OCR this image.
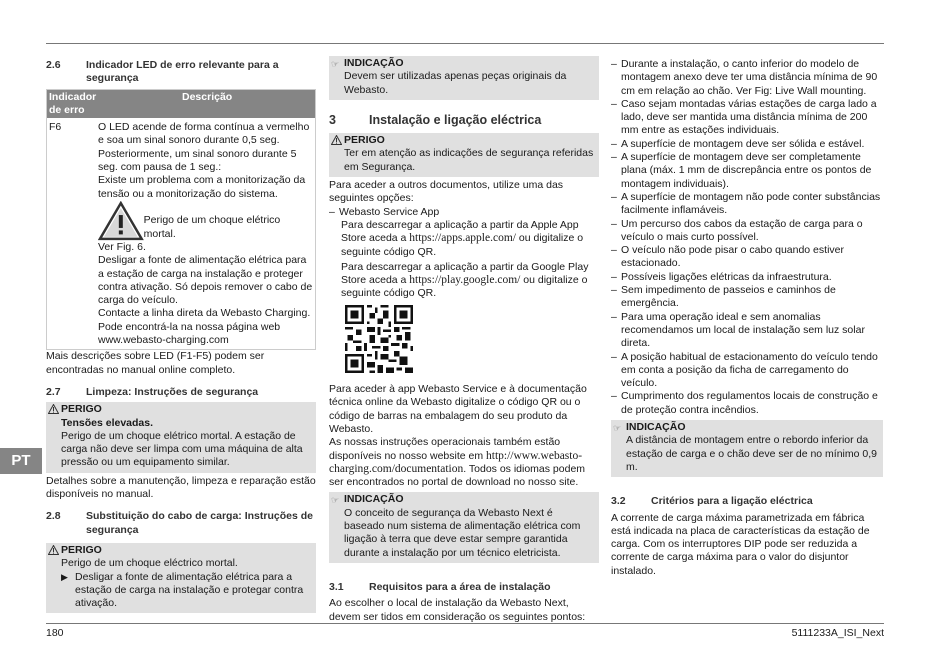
2.6	Indicador LED de erro relevante para a segurança
Indicador de erro
Descrição
F6	O LED acende de forma contínua a vermelho e soa um sinal sonoro durante 0,5 seg. Posteriormente, um sinal sonoro durante 5 seg. com pausa de 1 seg.:

Existe um problema com a monitorização da tensão ou a monitorização do sistema.

Perigo de um choque elétrico mortal.

Ver Fig. 6.

Desligar a fonte de alimentação elétrica para a estação de carga na instalação e proteger contra ativação. Só depois remover o cabo de carga do veículo.

Contacte a linha direta da Webasto Charging. Pode encontrá-la na nossa página web www.webasto-charging.com

Mais descrições sobre LED (F1-F5) podem ser encontradas no manual online completo.

2.7	Limpeza: Instruções de segurança
PERIGO
Tensões elevadas.

Perigo de um choque elétrico mortal. A estação de carga não deve ser limpa com uma máquina de alta pressão ou um equipamento similar.

Detalhes sobre a manutenção, limpeza e reparação estão disponíveis no manual.

2.8	Substituição do cabo de carga: Instruções de segurança
PERIGO

Perigo de um choque eléctrico mortal.

▶ Desligar a fonte de alimentação elétrica para a estação de carga na instalação e protegar contra ativação.
☞ INDICAÇÃO

Devem ser utilizadas apenas peças originais da Webasto.

3	Instalação e ligação eléctrica
PERIGO

Ter em atenção as indicações de segurança referidas em Segurança.

Para aceder a outros documentos, utilize uma das seguintes opções:

– Webasto Service App
Para descarregar a aplicação a partir da Apple App Store aceda a https://apps.apple.com/ ou digitalize o seguinte código QR.
Para descarregar a aplicação a partir da Google Play Store aceda a https://play.google.com/ ou digitalize o seguinte código QR.

Para aceder à app Webasto Service e à documentação técnica online da Webasto digitalize o código QR ou o código de barras na embalagem do seu produto da Webasto.

As nossas instruções operacionais também estão disponíveis no nosso website em http://www.webasto-charging.com/documentation. Todos os idiomas podem ser encontrados no portal de download no nosso site.

☞ INDICAÇÃO

O conceito de segurança da Webasto Next é baseado num sistema de alimentação elétrica com ligação à terra que deve estar sempre garantida durante a instalação por um técnico eletricista.

3.1	Requisitos para a área de instalação

Ao escolher o local de instalação da Webasto Next, devem ser tidos em consideração os seguintes pontos:

– Durante a instalação, o canto inferior do modelo de montagem anexo deve ter uma distância mínima de 90 cm em relação ao chão. Ver Fig: Live Wall mounting.
– Caso sejam montadas várias estações de carga lado a lado, deve ser mantida uma distância mínima de 200 mm entre as estações individuais.
– A superfície de montagem deve ser sólida e estável.
– A superfície de montagem deve ser completamente plana (máx. 1 mm de discrepância entre os pontos de montagem individuais).
– A superfície de montagem não pode conter substâncias facilmente inflamáveis.
– Um percurso dos cabos da estação de carga para o veículo o mais curto possível.
– O veículo não pode pisar o cabo quando estiver estacionado.
– Possíveis ligações elétricas da infraestrutura.
– Sem impedimento de passeios e caminhos de emergência.
– Para uma operação ideal e sem anomalias recomendamos um local de instalação sem luz solar direta.
– A posição habitual de estacionamento do veículo tendo em conta a posição da ficha de carregamento do veículo.
– Cumprimento dos regulamentos locais de construção e de proteção contra incêndios.
☞ INDICAÇÃO

A distância de montagem entre o rebordo inferior da estação de carga e o chão deve ser de no mínimo 0,9 m.

3.2	Critérios para a ligação eléctrica

A corrente de carga máxima parametrizada em fábrica está indicada na placa de características da estação de carga. Com os interruptores DIP pode ser reduzida a corrente de carga máxima para o valor do disjuntor instalado.

PT
180	5111233A_ISI_Next
